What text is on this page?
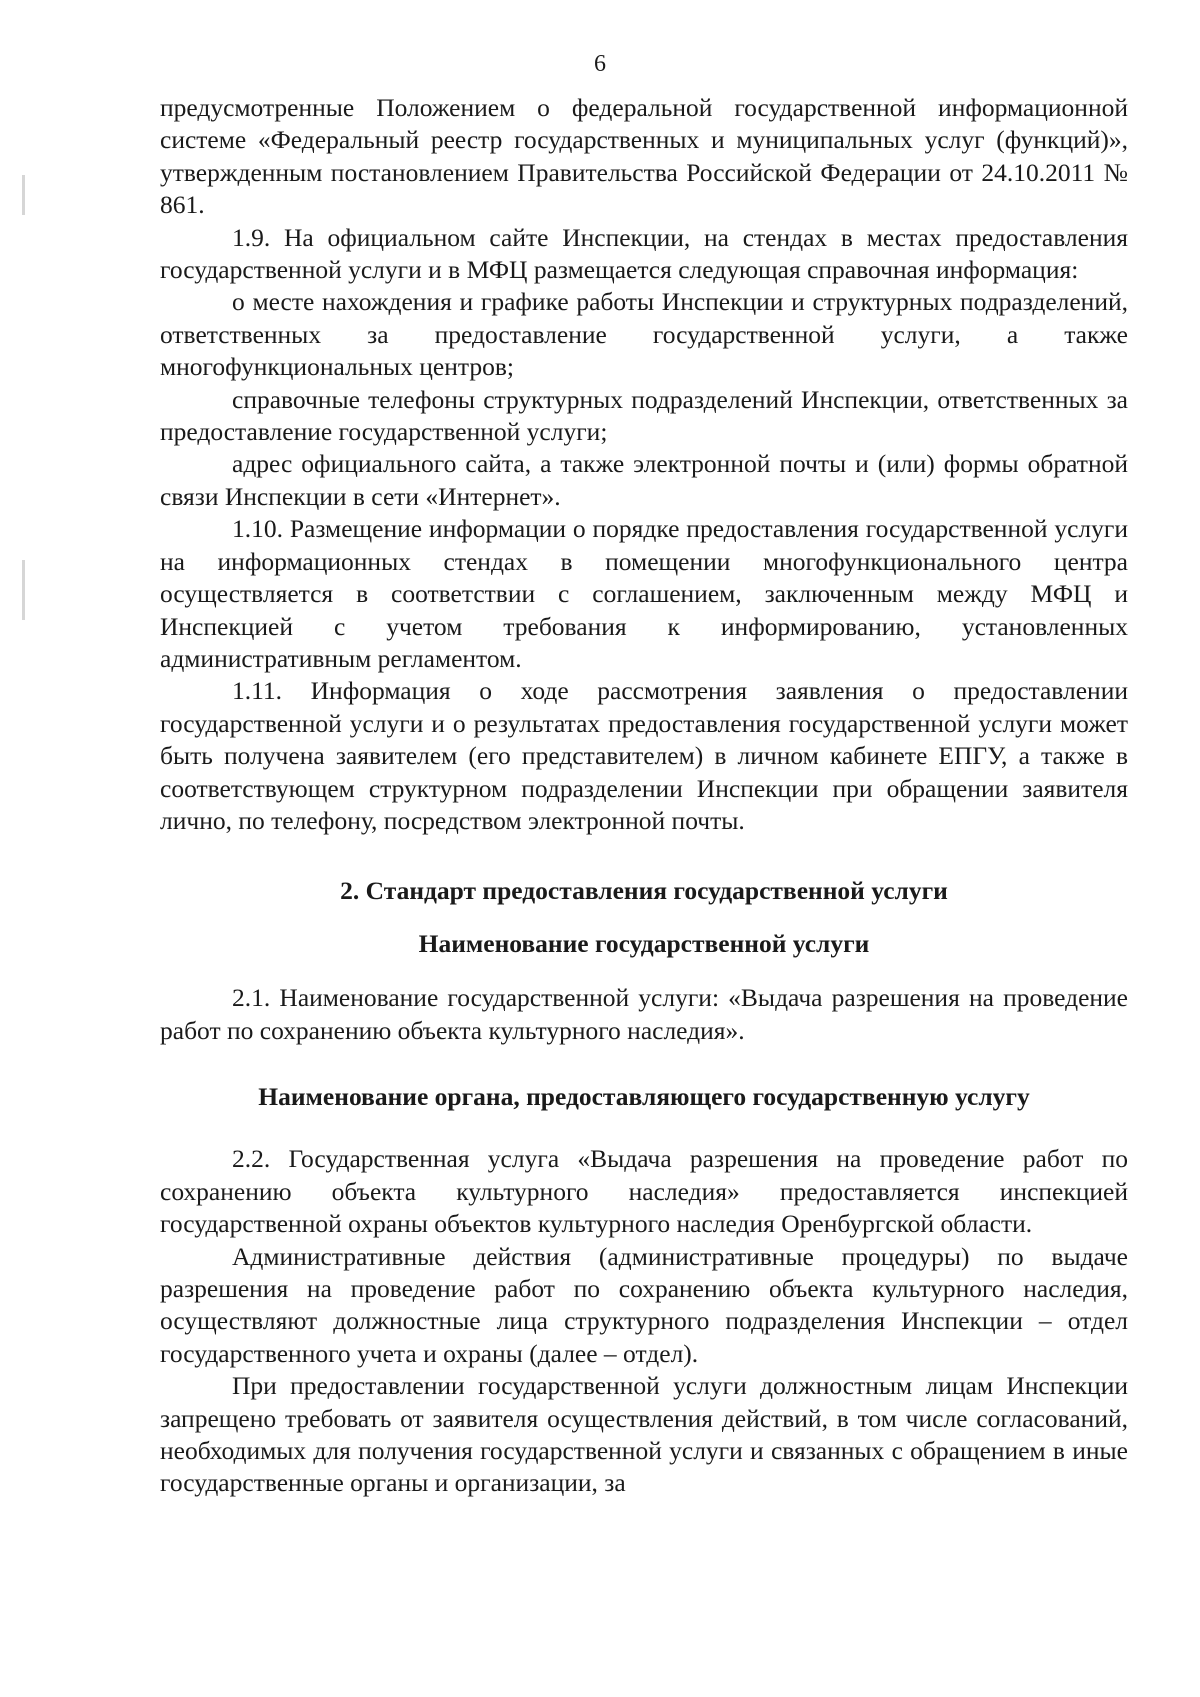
6

предусмотренные Положением о федеральной государственной информационной системе «Федеральный реестр государственных и муниципальных услуг (функций)», утвержденным постановлением Правительства Российской Федерации от 24.10.2011 № 861.

1.9. На официальном сайте Инспекции, на стендах в местах предоставления государственной услуги и в МФЦ размещается следующая справочная информация:

о месте нахождения и графике работы Инспекции и структурных подразделений, ответственных за предоставление государственной услуги, а также многофункциональных центров;

справочные телефоны структурных подразделений Инспекции, ответственных за предоставление государственной услуги;

адрес официального сайта, а также электронной почты и (или) формы обратной связи Инспекции в сети «Интернет».

1.10. Размещение информации о порядке предоставления государственной услуги на информационных стендах в помещении многофункционального центра осуществляется в соответствии с соглашением, заключенным между МФЦ и Инспекцией с учетом требования к информированию, установленных административным регламентом.

1.11. Информация о ходе рассмотрения заявления о предоставлении государственной услуги и о результатах предоставления государственной услуги может быть получена заявителем (его представителем) в личном кабинете ЕПГУ, а также в соответствующем структурном подразделении Инспекции при обращении заявителя лично, по телефону, посредством электронной почты.

2. Стандарт предоставления государственной услуги

Наименование государственной услуги

2.1. Наименование государственной услуги: «Выдача разрешения на проведение работ по сохранению объекта культурного наследия».

Наименование органа, предоставляющего государственную услугу

2.2. Государственная услуга «Выдача разрешения на проведение работ по сохранению объекта культурного наследия» предоставляется инспекцией государственной охраны объектов культурного наследия Оренбургской области.

Административные действия (административные процедуры) по выдаче разрешения на проведение работ по сохранению объекта культурного наследия, осуществляют должностные лица структурного подразделения Инспекции – отдел государственного учета и охраны (далее – отдел).

При предоставлении государственной услуги должностным лицам Инспекции запрещено требовать от заявителя осуществления действий, в том числе согласований, необходимых для получения государственной услуги и связанных с обращением в иные государственные органы и организации, за
